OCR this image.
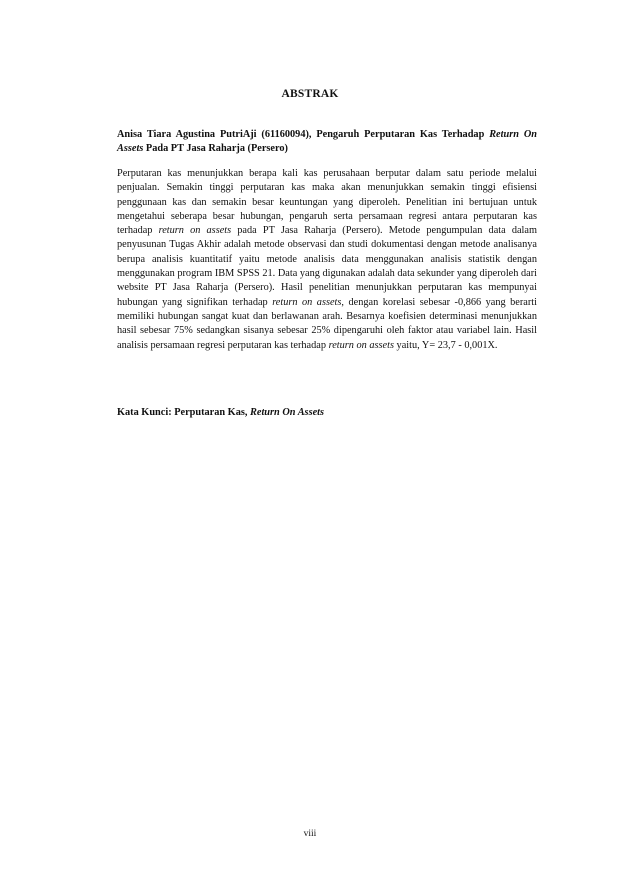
ABSTRAK
Anisa Tiara Agustina PutriAji (61160094), Pengaruh Perputaran Kas Terhadap Return On Assets Pada PT Jasa Raharja (Persero)
Perputaran kas menunjukkan berapa kali kas perusahaan berputar dalam satu periode melalui penjualan. Semakin tinggi perputaran kas maka akan menunjukkan semakin tinggi efisiensi penggunaan kas dan semakin besar keuntungan yang diperoleh. Penelitian ini bertujuan untuk mengetahui seberapa besar hubungan, pengaruh serta persamaan regresi antara perputaran kas terhadap return on assets pada PT Jasa Raharja (Persero). Metode pengumpulan data dalam penyusunan Tugas Akhir adalah metode observasi dan studi dokumentasi dengan metode analisanya berupa analisis kuantitatif yaitu metode analisis data menggunakan analisis statistik dengan menggunakan program IBM SPSS 21. Data yang digunakan adalah data sekunder yang diperoleh dari website PT Jasa Raharja (Persero). Hasil penelitian menunjukkan perputaran kas mempunyai hubungan yang signifikan terhadap return on assets, dengan korelasi sebesar -0,866 yang berarti memiliki hubungan sangat kuat dan berlawanan arah. Besarnya koefisien determinasi menunjukkan hasil sebesar 75% sedangkan sisanya sebesar 25% dipengaruhi oleh faktor atau variabel lain. Hasil analisis persamaan regresi perputaran kas terhadap return on assets yaitu, Y= 23,7 - 0,001X.
Kata Kunci: Perputaran Kas, Return On Assets
viii
